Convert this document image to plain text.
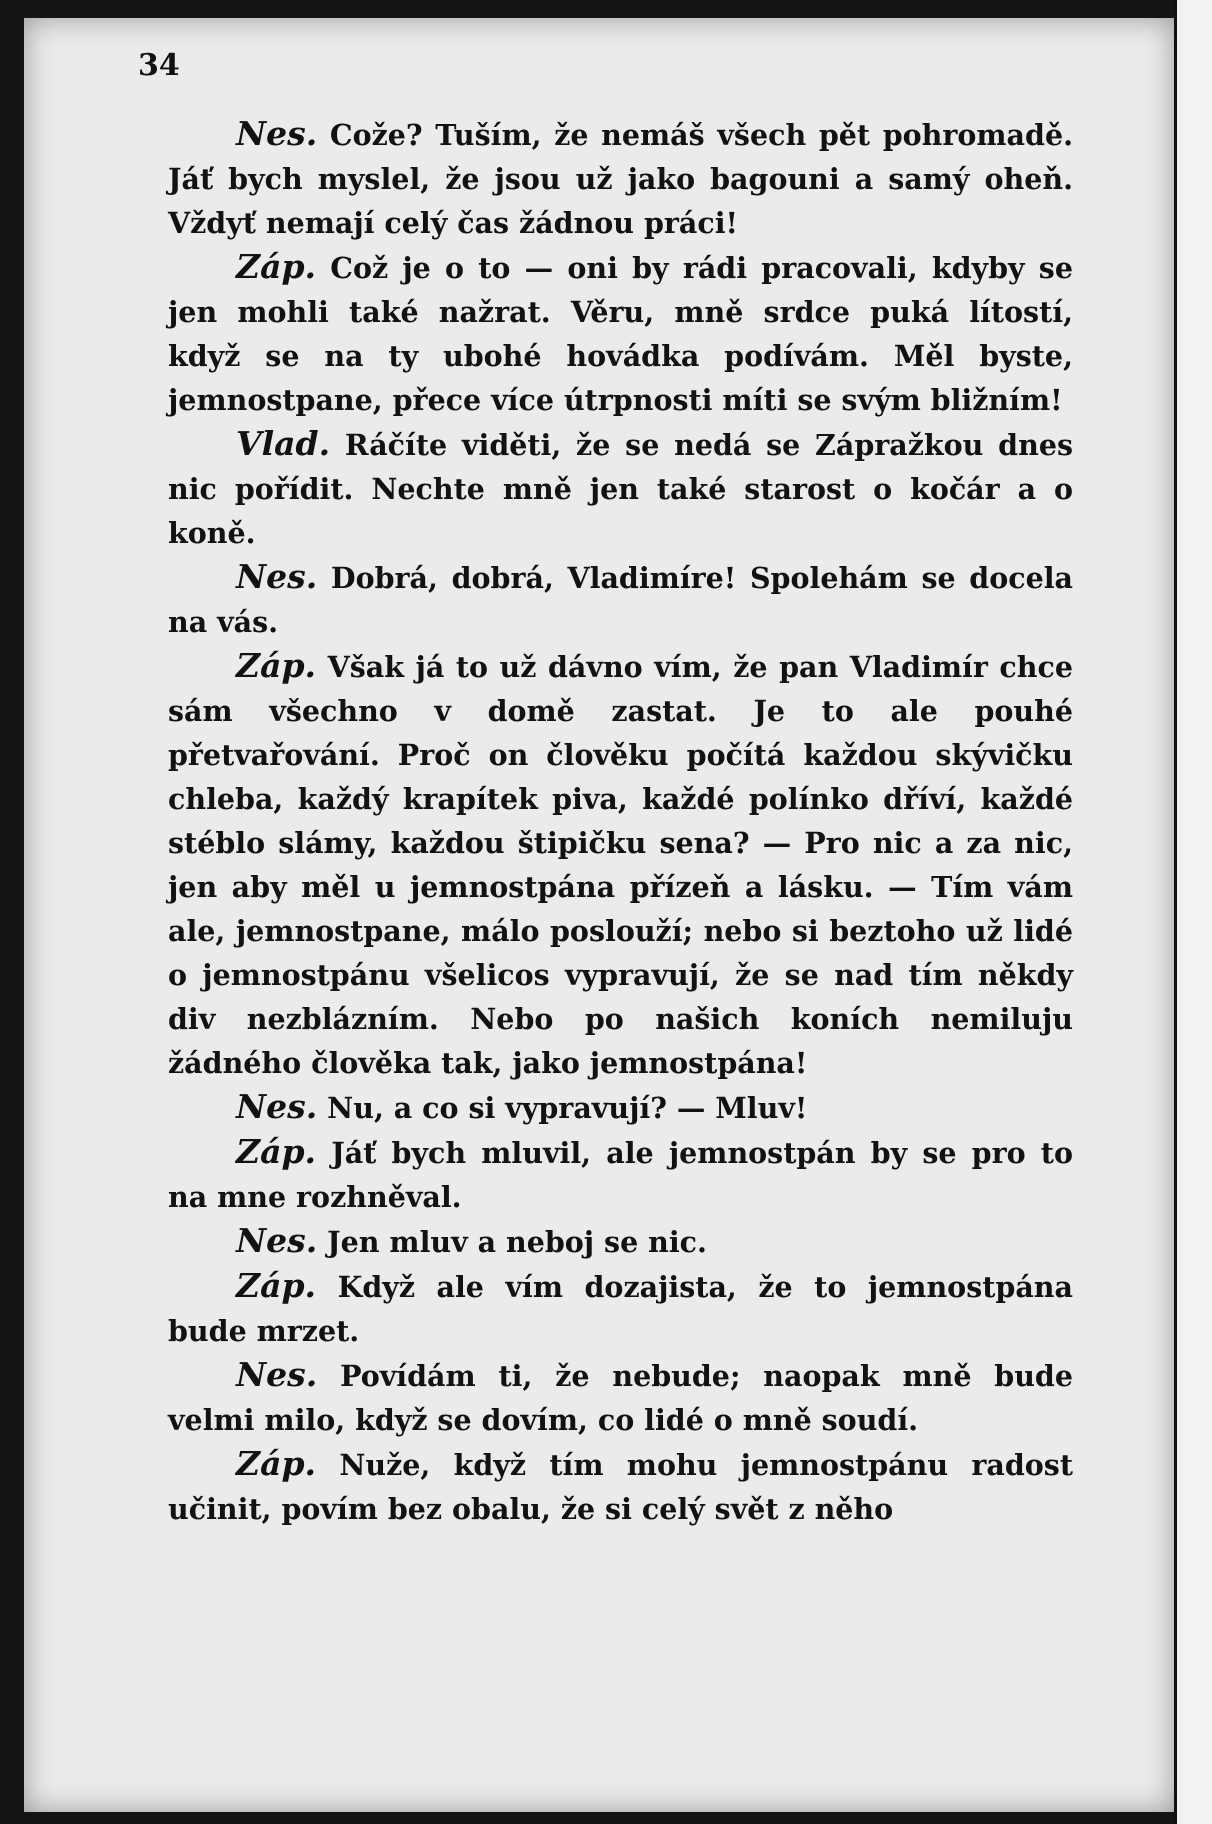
34

Nes. Cože? Tuším, že nemáš všech pět pohromadě. Jáť bych myslel, že jsou už jako bagouni a samý oheň. Vždyť nemají celý čas žádnou práci!

Záp. Což je o to — oni by rádi pracovali, kdyby se jen mohli také nažrat. Věru, mně srdce puká lítostí, když se na ty ubohé hovádka podívám. Měl byste, jemnostpane, přece více útrpnosti míti se svým bližním!

Vlad. Ráčíte viděti, že se nedá se Zápražkou dnes nic pořídit. Nechte mně jen také starost o kočár a o koně.

Nes. Dobrá, dobrá, Vladimíre! Spolehám se docela na vás.

Záp. Však já to už dávno vím, že pan Vladimír chce sám všechno v domě zastat. Je to ale pouhé přetvařování. Proč on člověku počítá každou skývičku chleba, každý krapítek piva, každé polínko dříví, každé stéblo slámy, každou štipičku sena? — Pro nic a za nic, jen aby měl u jemnostpána přízeň a lásku. — Tím vám ale, jemnostpane, málo poslouží; nebo si beztoho už lidé o jemnostpánu všelicos vypravují, že se nad tím někdy div nezblázním. Nebo po našich koních nemiluju žádného člověka tak, jako jemnostpána!

Nes. Nu, a co si vypravují? — Mluv!

Záp. Jáť bych mluvil, ale jemnostpán by se pro to na mne rozhněval.

Nes. Jen mluv a neboj se nic.

Záp. Když ale vím dozajista, že to jemnostpána bude mrzet.

Nes. Povídám ti, že nebude; naopak mně bude velmi milo, když se dovím, co lidé o mně soudí.

Záp. Nuže, když tím mohu jemnostpánu radost učinit, povím bez obalu, že si celý svět z něho
